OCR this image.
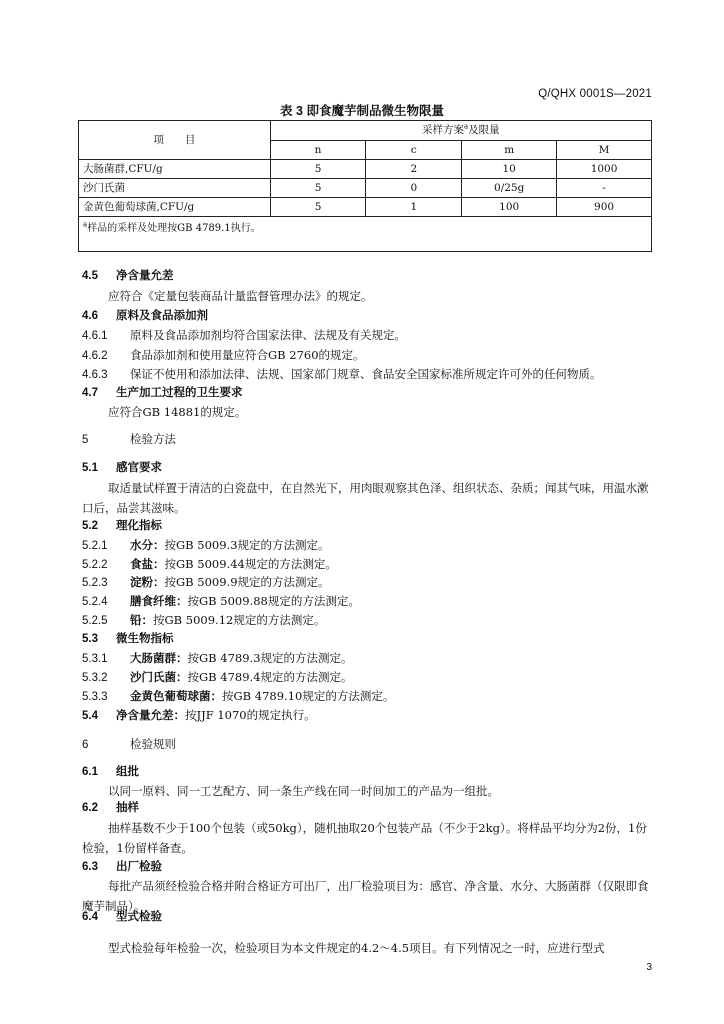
Q/QHX 0001S—2021
表 3 即食魔芋制品微生物限量
项　　目	采样方案$^a$及限量			
	n	c	m	M
大肠菌群,CFU/g	5	2	10	1000
沙门氏菌	5	0	0/25g	-
金黄色葡萄球菌,CFU/g	5	1	100	900
$^a$样品的采样及处理按GB 4789.1执行。				
4.5 净含量允差
应符合《定量包装商品计量监督管理办法》的规定。
4.6 原料及食品添加剂
4.6.1 原料及食品添加剂均符合国家法律、法规及有关规定。
4.6.2 食品添加剂和使用量应符合GB 2760的规定。
4.6.3 保证不使用和添加法律、法规、国家部门规章、食品安全国家标准所规定许可外的任何物质。
4.7 生产加工过程的卫生要求
应符合GB 14881的规定。
5	检验方法
5.1 感官要求
取适量试样置于清洁的白瓷盘中，在自然光下，用肉眼观察其色泽、组织状态、杂质；闻其气味，用温水漱口后，品尝其滋味。
5.2 理化指标
5.2.1 水分：按GB 5009.3规定的方法测定。
5.2.2 食盐：按GB 5009.44规定的方法测定。
5.2.3 淀粉：按GB 5009.9规定的方法测定。
5.2.4 膳食纤维：按GB 5009.88规定的方法测定。
5.2.5 铅：按GB 5009.12规定的方法测定。
5.3 微生物指标
5.3.1 大肠菌群：按GB 4789.3规定的方法测定。
5.3.2 沙门氏菌：按GB 4789.4规定的方法测定。
5.3.3 金黄色葡萄球菌：按GB 4789.10规定的方法测定。
5.4 净含量允差：按JJF 1070的规定执行。
6	检验规则
6.1 组批
以同一原料、同一工艺配方、同一条生产线在同一时间加工的产品为一组批。
6.2 抽样
抽样基数不少于100个包装（或50kg），随机抽取20个包装产品（不少于2kg）。将样品平均分为2份，1份检验，1份留样备查。
6.3 出厂检验
每批产品须经检验合格并附合格证方可出厂，出厂检验项目为：感官、净含量、水分、大肠菌群（仅限即食魔芋制品）。
6.4 型式检验
型式检验每年检验一次，检验项目为本文件规定的4.2～4.5项目。有下列情况之一时，应进行型式
3
